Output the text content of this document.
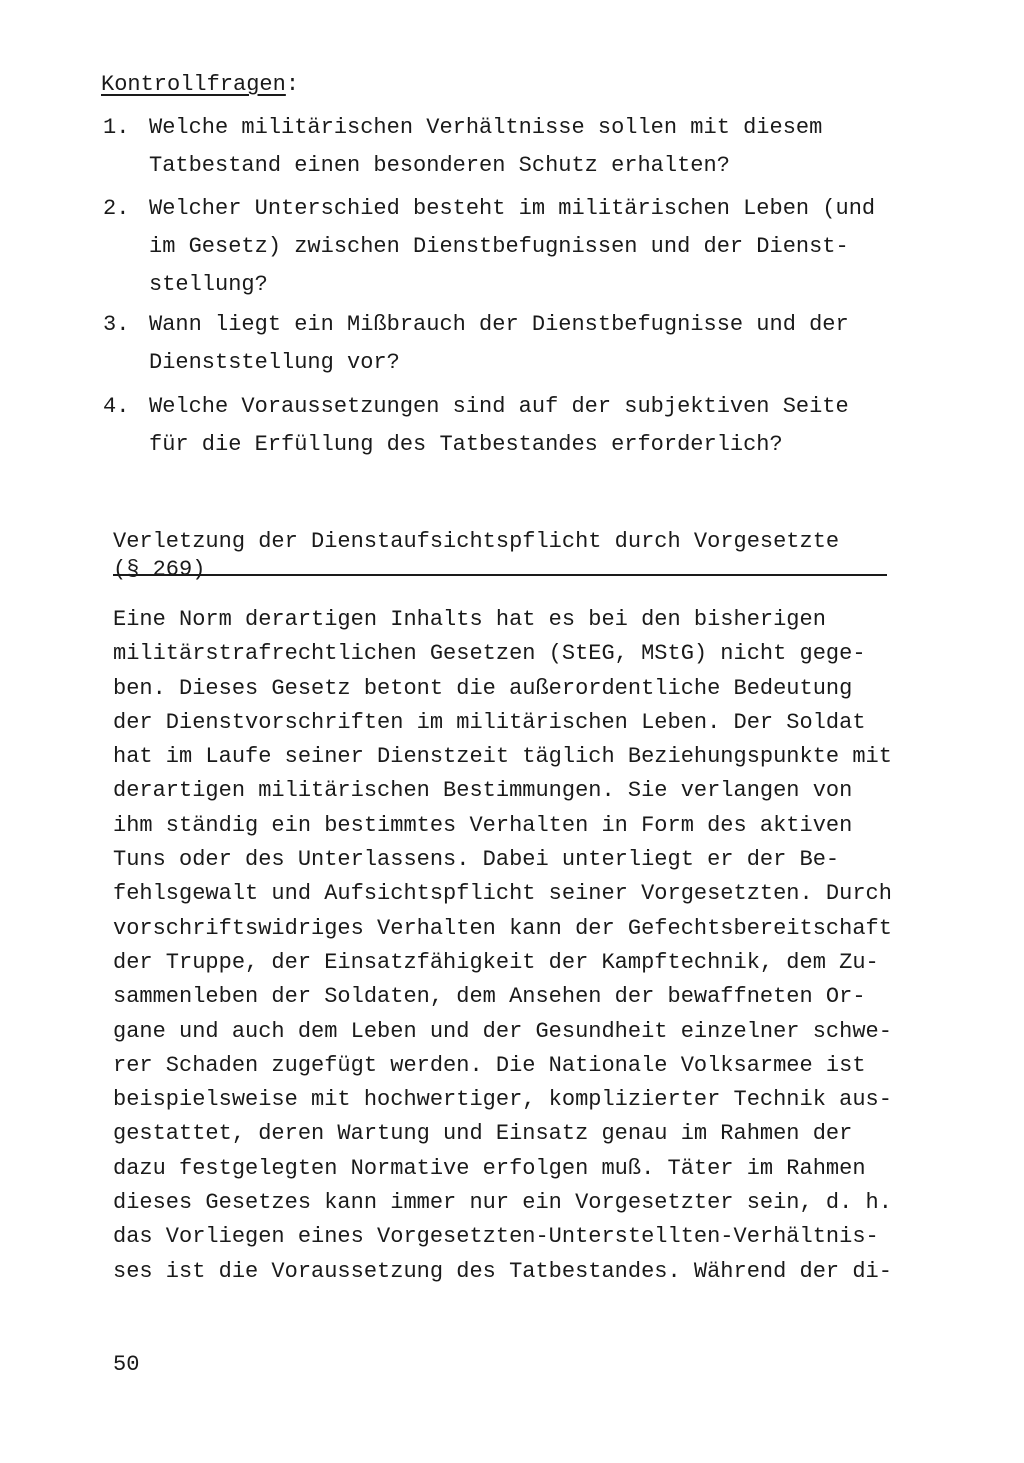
Kontrollfragen:
1. Welche militärischen Verhältnisse sollen mit diesem
Tatbestand einen besonderen Schutz erhalten?
2. Welcher Unterschied besteht im militärischen Leben (und
im Gesetz) zwischen Dienstbefugnissen und der Dienst-
stellung?
3. Wann liegt ein Mißbrauch der Dienstbefugnisse und der
Dienststellung vor?
4. Welche Voraussetzungen sind auf der subjektiven Seite
für die Erfüllung des Tatbestandes erforderlich?
Verletzung der Dienstaufsichtspflicht durch Vorgesetzte
(§ 269)
Eine Norm derartigen Inhalts hat es bei den bisherigen
militärstrafrechtlichen Gesetzen (StEG, MStG) nicht gege-
ben. Dieses Gesetz betont die außerordentliche Bedeutung
der Dienstvorschriften im militärischen Leben. Der Soldat
hat im Laufe seiner Dienstzeit täglich Beziehungspunkte mit
derartigen militärischen Bestimmungen. Sie verlangen von
ihm ständig ein bestimmtes Verhalten in Form des aktiven
Tuns oder des Unterlassens. Dabei unterliegt er der Be-
fehlsgewalt und Aufsichtspflicht seiner Vorgesetzten. Durch
vorschriftswidriges Verhalten kann der Gefechtsbereitschaft
der Truppe, der Einsatzfähigkeit der Kampftechnik, dem Zu-
sammenleben der Soldaten, dem Ansehen der bewaffneten Or-
gane und auch dem Leben und der Gesundheit einzelner schwe-
rer Schaden zugefügt werden. Die Nationale Volksarmee ist
beispielsweise mit hochwertiger, komplizierter Technik aus-
gestattet, deren Wartung und Einsatz genau im Rahmen der
dazu festgelegten Normative erfolgen muß. Täter im Rahmen
dieses Gesetzes kann immer nur ein Vorgesetzter sein, d. h.
das Vorliegen eines Vorgesetzten-Unterstellten-Verhältnis-
ses ist die Voraussetzung des Tatbestandes. Während der di-
50
